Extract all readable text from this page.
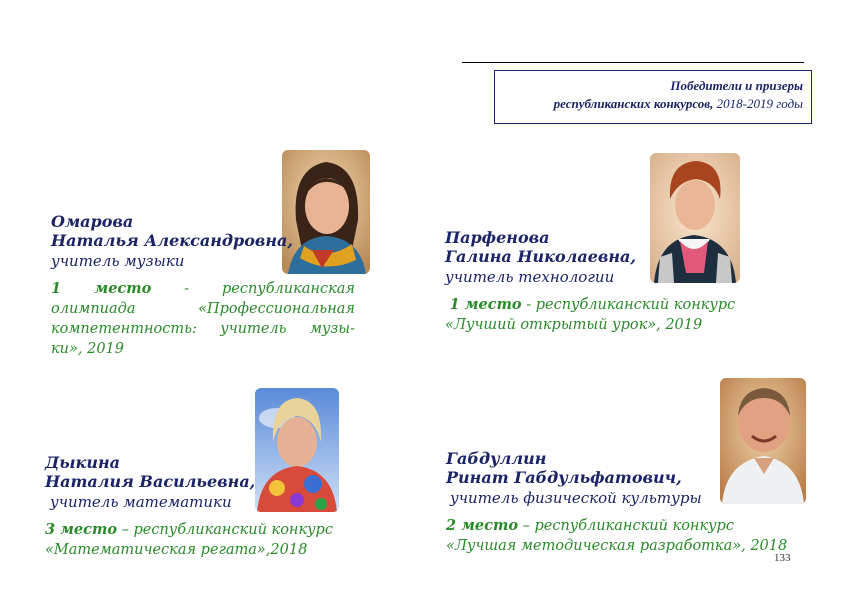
Победители и призеры
республиканских конкурсов, 2018-2019 годы
Омарова
Наталья Александровна,
учитель музыки
1 место - республиканская
олимпиада «Профессиональная
компетентность: учитель музы-
ки», 2019
Парфенова
Галина Николаевна,
учитель технологии
1 место - республиканский конкурс
«Лучший открытый урок», 2019
Дыкина
Наталия Васильевна,
учитель математики
3 место – республиканский конкурс
«Математическая регата»,2018
Габдуллин
Ринат Габдульфатович,
учитель физической культуры
2 место – республиканский конкурс
«Лучшая методическая разработка», 2018
133
